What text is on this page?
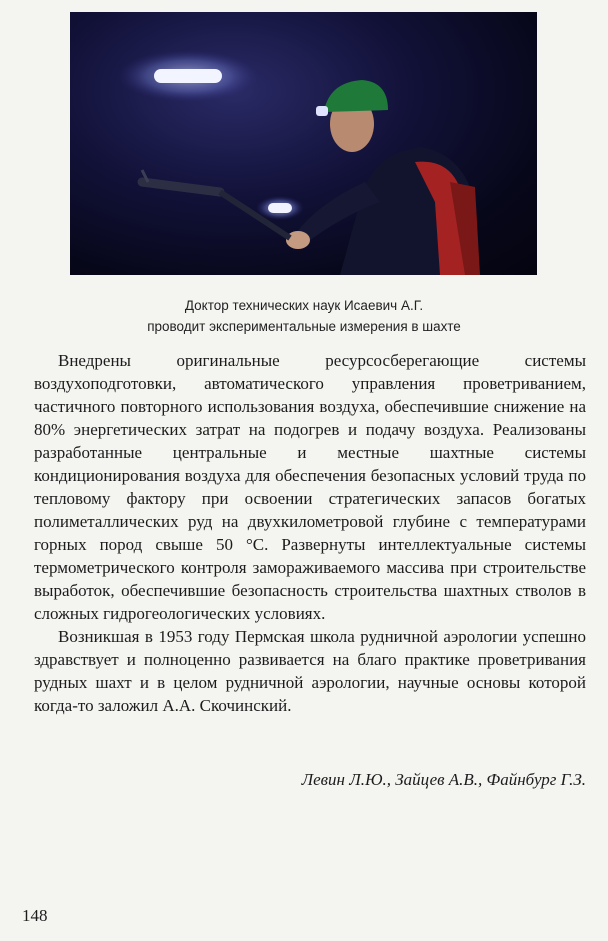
Доктор технических наук Исаевич А.Г.
проводит экспериментальные измерения в шахте

Внедрены оригинальные ресурсосберегающие системы воздухоподготовки, автоматического управления проветриванием, частичного повторного использования воздуха, обеспечившие снижение на 80% энергетических затрат на подогрев и подачу воздуха. Реализованы разработанные центральные и местные шахтные системы кондиционирования воздуха для обеспечения безопасных условий труда по тепловому фактору при освоении стратегических запасов богатых полиметаллических руд на двухкилометровой глубине с температурами горных пород свыше 50 °С. Развернуты интеллектуальные системы термометрического контроля замораживаемого массива при строительстве выработок, обеспечившие безопасность строительства шахтных стволов в сложных гидрогеологических условиях.

Возникшая в 1953 году Пермская школа рудничной аэрологии успешно здравствует и полноценно развивается на благо практике проветривания рудных шахт и в целом рудничной аэрологии, научные основы которой когда-то заложил А.А. Скочинский.

Левин Л.Ю., Зайцев А.В., Файнбург Г.З.
148
